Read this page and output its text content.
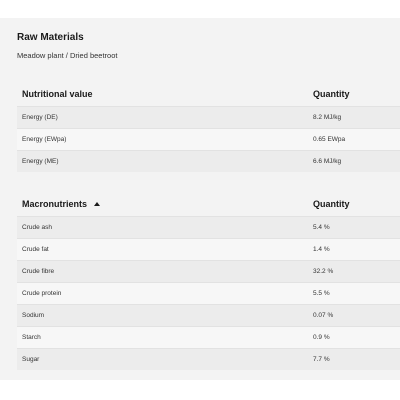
Raw Materials
Meadow plant / Dried beetroot
Nutritional value	Quantity
Energy (DE)	8.2 MJ/kg
Energy (EWpa)	0.65 EWpa
Energy (ME)	6.6 MJ/kg
Macronutrients	Quantity
Crude ash	5.4 %
Crude fat	1.4 %
Crude fibre	32.2 %
Crude protein	5.5 %
Sodium	0.07 %
Starch	0.9 %
Sugar	7.7 %
